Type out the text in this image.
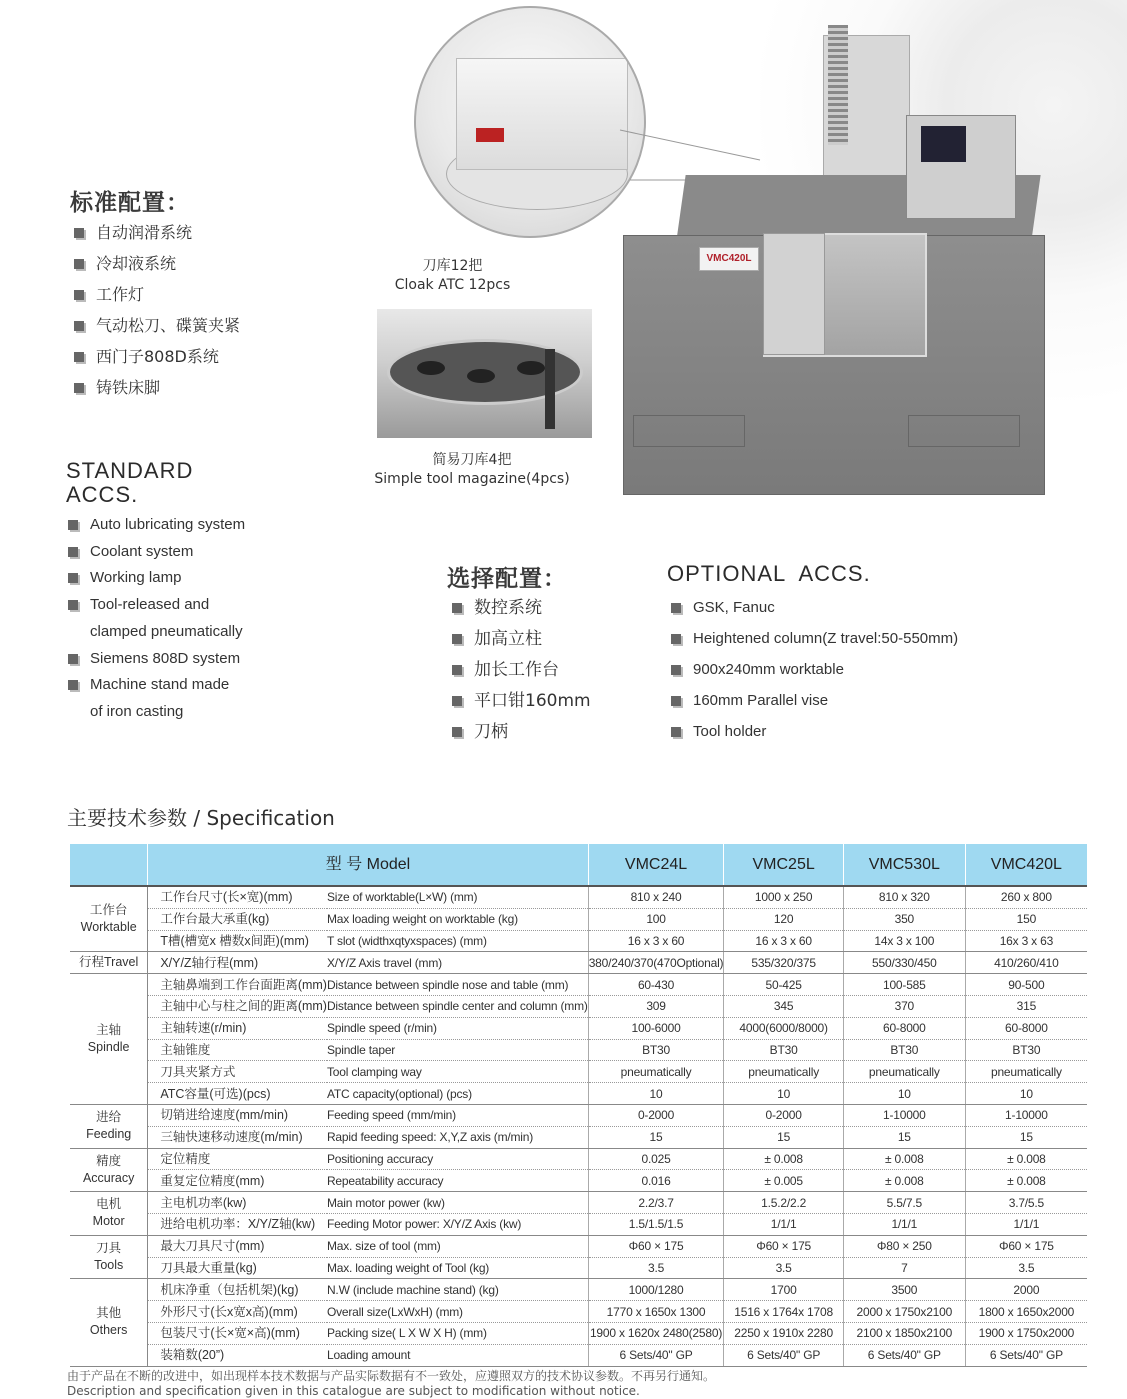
刀库12把
Cloak ATC 12pcs
简易刀库4把
Simple tool magazine(4pcs)
VMC420L
标准配置：
自动润滑系统
冷却液系统
工作灯
气动松刀、碟簧夹紧
西门子808D系统
铸铁床脚
STANDARD
ACCS.
Auto lubricating system
Coolant system
Working lamp
Tool-released and
clamped pneumatically
Siemens 808D system
Machine stand made
of iron casting
选择配置：
数控系统
加高立柱
加长工作台
平口钳160mm
刀柄
OPTIONAL  ACCS.
GSK, Fanuc
Heightened column(Z travel:50-550mm)
900x240mm worktable
160mm Parallel vise
Tool holder
主要技术参数 / Specification
	型 号 Model		VMC24L	VMC25L	VMC530L	VMC420L

工作台
Worktable	工作台尺寸(长×宽)(mm)	Size of worktable(L×W) (mm)	810 x 240	1000 x 250	810 x 320	260 x 800
	工作台最大承重(kg)	Max loading weight on worktable (kg)	100	120	350	150
	T槽(槽宽x 槽数x间距)(mm)	T slot (widthxqtyxspaces) (mm)	16 x 3 x 60	16 x 3 x 60	14x 3 x 100	16x 3 x 63

行程Travel	X/Y/Z轴行程(mm)	X/Y/Z Axis travel (mm)	380/240/370(470Optional)	535/320/375	550/330/450	410/260/410

主轴
Spindle	主轴鼻端到工作台面距离(mm)	Distance between spindle nose and table (mm)	60-430	50-425	100-585	90-500
	主轴中心与柱之间的距离(mm)	Distance between spindle center and column (mm)	309	345	370	315
	主轴转速(r/min)	Spindle speed (r/min)	100-6000	4000(6000/8000)	60-8000	60-8000
	主轴锥度	Spindle taper	BT30	BT30	BT30	BT30
	刀具夹紧方式	Tool clamping way	pneumatically	pneumatically	pneumatically	pneumatically
	ATC容量(可选)(pcs)	ATC capacity(optional) (pcs)	10	10	10	10

进给
Feeding	切销进给速度(mm/min)	Feeding speed (mm/min)	0-2000	0-2000	1-10000	1-10000
	三轴快速移动速度(m/min)	Rapid feeding speed: X,Y,Z axis (m/min)	15	15	15	15

精度
Accuracy	定位精度	Positioning accuracy	0.025	± 0.008	± 0.008	± 0.008
	重复定位精度(mm)	Repeatability accuracy	0.016	± 0.005	± 0.008	± 0.008

电机
Motor	主电机功率(kw)	Main motor power (kw)	2.2/3.7	1.5.2/2.2	5.5/7.5	3.7/5.5
	进给电机功率：X/Y/Z轴(kw)	Feeding Motor power: X/Y/Z Axis (kw)	1.5/1.5/1.5	1/1/1	1/1/1	1/1/1

刀具
Tools	最大刀具尺寸(mm)	Max. size of tool (mm)	Φ60 × 175	Φ60 × 175	Φ80 × 250	Φ60 × 175
	刀具最大重量(kg)	Max. loading weight of Tool (kg)	3.5	3.5	7	3.5

其他
Others	机床净重（包括机架)(kg)	N.W (include machine stand) (kg)	1000/1280	1700	3500	2000
	外形尺寸(长x宽x高)(mm)	Overall size(LxWxH) (mm)	1770 x 1650x 1300	1516 x 1764x 1708	2000 x 1750x2100	1800 x 1650x2000
	包装尺寸(长×宽×高)(mm)	Packing size( L X W X H) (mm)	1900 x 1620x 2480(2580)	2250 x 1910x 2280	2100 x 1850x2100	1900 x 1750x2000
	装箱数(20”)	Loading amount	6 Sets/40" GP	6 Sets/40" GP	6 Sets/40" GP	6 Sets/40" GP
由于产品在不断的改进中，如出现样本技术数据与产品实际数据有不一致处，应遵照双方的技术协议参数。不再另行通知。
Description and specification given in this catalogue are subject to modification without notice.
